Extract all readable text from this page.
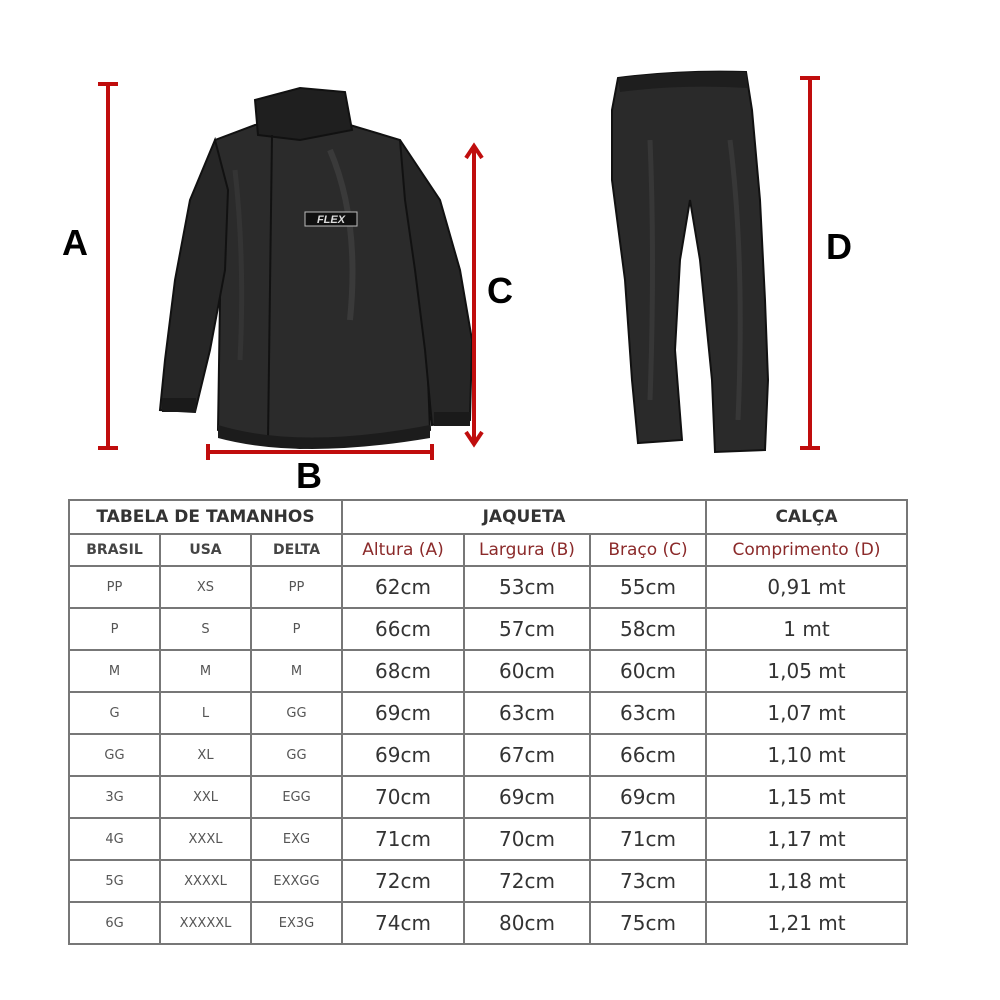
FLEX
A
B
C
D
TABELA DE TAMANHOS			JAQUETA			CALÇA
BRASIL	USA	DELTA	Altura (A)	Largura (B)	Braço (C)	Comprimento (D)
PP	XS	PP	62cm	53cm	55cm	0,91 mt
P	S	P	66cm	57cm	58cm	1 mt
M	M	M	68cm	60cm	60cm	1,05 mt
G	L	GG	69cm	63cm	63cm	1,07 mt
GG	XL	GG	69cm	67cm	66cm	1,10 mt
3G	XXL	EGG	70cm	69cm	69cm	1,15 mt
4G	XXXL	EXG	71cm	70cm	71cm	1,17 mt
5G	XXXXL	EXXGG	72cm	72cm	73cm	1,18 mt
6G	XXXXXL	EX3G	74cm	80cm	75cm	1,21 mt
